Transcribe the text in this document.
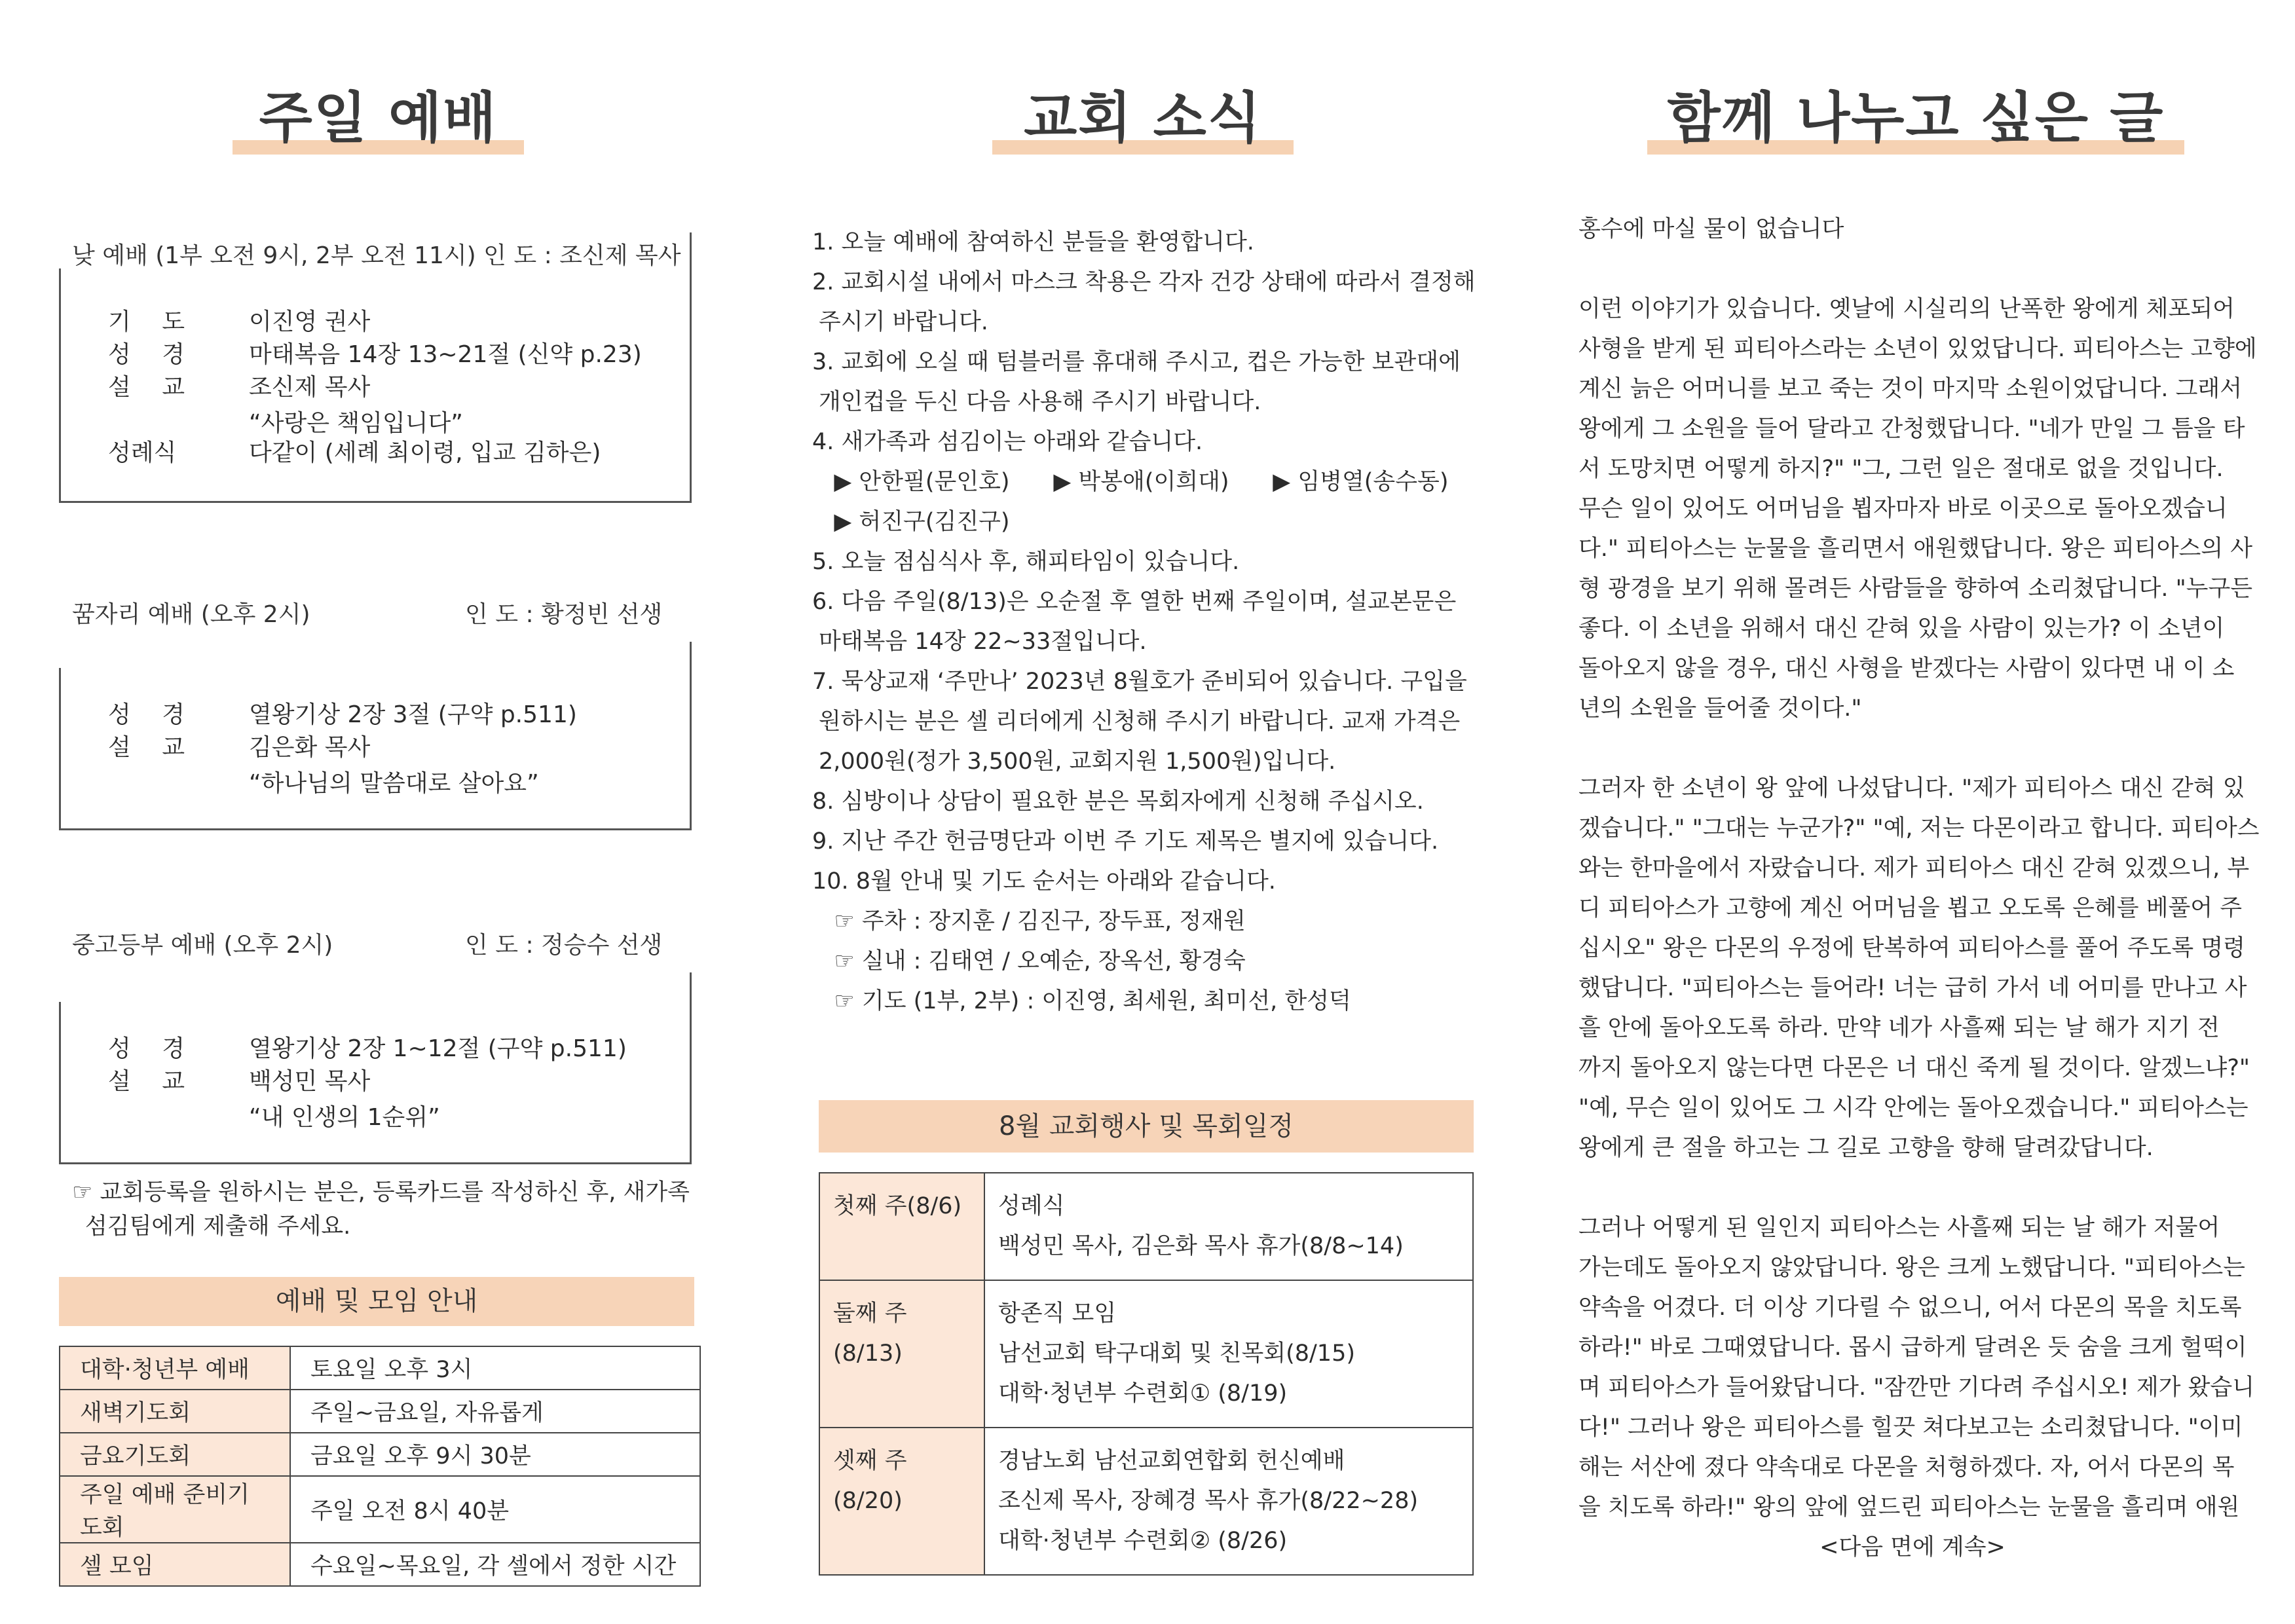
주일 예배
낮 예배 (1부 오전 9시, 2부 오전 11시) 인 도 : 조신제 목사
기 도 이진영 권사
성 경 마태복음 14장 13~21절 (신약 p.23)
설 교 조신제 목사
“사랑은 책임입니다”
성례식	다같이 (세례 최이령, 입교 김하은)
꿈자리 예배 (오후 2시)	인 도 : 황정빈 선생
성 경 열왕기상 2장 3절 (구약 p.511)
설 교 김은화 목사
“하나님의 말씀대로 살아요”
중고등부 예배 (오후 2시)	인 도 : 정승수 선생
성 경 열왕기상 2장 1~12절 (구약 p.511)
설 교 백성민 목사
“내 인생의 1순위”
☞ 교회등록을 원하시는 분은, 등록카드를 작성하신 후, 새가족
섬김팀에게 제출해 주세요.
예배 및 모임 안내
대학·청년부 예배	토요일 오후 3시
새벽기도회	주일~금요일, 자유롭게
금요기도회	금요일 오후 9시 30분
주일 예배 준비기도회	주일 오전 8시 40분
셀 모임	수요일~목요일, 각 셀에서 정한 시간
교회 소식
1. 오늘 예배에 참여하신 분들을 환영합니다.
2. 교회시설 내에서 마스크 착용은 각자 건강 상태에 따라서 결정해
주시기 바랍니다.
3. 교회에 오실 때 텀블러를 휴대해 주시고, 컵은 가능한 보관대에
개인컵을 두신 다음 사용해 주시기 바랍니다.
4. 새가족과 섬김이는 아래와 같습니다.
▶ 안한필(문인호)      ▶ 박봉애(이희대)      ▶ 임병열(송수동)
▶ 허진구(김진구)
5. 오늘 점심식사 후, 해피타임이 있습니다.
6. 다음 주일(8/13)은 오순절 후 열한 번째 주일이며, 설교본문은
마태복음 14장 22~33절입니다.
7. 묵상교재 ‘주만나’ 2023년 8월호가 준비되어 있습니다. 구입을
원하시는 분은 셀 리더에게 신청해 주시기 바랍니다. 교재 가격은
2,000원(정가 3,500원, 교회지원 1,500원)입니다.
8. 심방이나 상담이 필요한 분은 목회자에게 신청해 주십시오.
9. 지난 주간 헌금명단과 이번 주 기도 제목은 별지에 있습니다.
10. 8월 안내 및 기도 순서는 아래와 같습니다.
☞ 주차 : 장지훈 / 김진구, 장두표, 정재원
☞ 실내 : 김태연 / 오예순, 장옥선, 황경숙
☞ 기도 (1부, 2부) : 이진영, 최세원, 최미선, 한성덕
8월 교회행사 및 목회일정
첫째 주(8/6)	성례식
백성민 목사, 김은화 목사 휴가(8/8~14)

둘째 주(8/13)	항존직 모임
남선교회 탁구대회 및 친목회(8/15)
대학·청년부 수련회① (8/19)

셋째 주(8/20)	경남노회 남선교회연합회 헌신예배
조신제 목사, 장혜경 목사 휴가(8/22~28)
대학·청년부 수련회② (8/26)
함께 나누고 싶은 글
홍수에 마실 물이 없습니다
이런 이야기가 있습니다. 옛날에 시실리의 난폭한 왕에게 체포되어
사형을 받게 된 피티아스라는 소년이 있었답니다. 피티아스는 고향에
계신 늙은 어머니를 보고 죽는 것이 마지막 소원이었답니다. 그래서
왕에게 그 소원을 들어 달라고 간청했답니다. "네가 만일 그 틈을 타
서 도망치면 어떻게 하지?" "그, 그런 일은 절대로 없을 것입니다.
무슨 일이 있어도 어머님을 뵙자마자 바로 이곳으로 돌아오겠습니
다." 피티아스는 눈물을 흘리면서 애원했답니다. 왕은 피티아스의 사
형 광경을 보기 위해 몰려든 사람들을 향하여 소리쳤답니다. "누구든
좋다. 이 소년을 위해서 대신 갇혀 있을 사람이 있는가? 이 소년이
돌아오지 않을 경우, 대신 사형을 받겠다는 사람이 있다면 내 이 소
년의 소원을 들어줄 것이다."
그러자 한 소년이 왕 앞에 나섰답니다. "제가 피티아스 대신 갇혀 있
겠습니다." "그대는 누군가?" "예, 저는 다몬이라고 합니다. 피티아스
와는 한마을에서 자랐습니다. 제가 피티아스 대신 갇혀 있겠으니, 부
디 피티아스가 고향에 계신 어머님을 뵙고 오도록 은혜를 베풀어 주
십시오" 왕은 다몬의 우정에 탄복하여 피티아스를 풀어 주도록 명령
했답니다. "피티아스는 들어라! 너는 급히 가서 네 어미를 만나고 사
흘 안에 돌아오도록 하라. 만약 네가 사흘째 되는 날 해가 지기 전
까지 돌아오지 않는다면 다몬은 너 대신 죽게 될 것이다. 알겠느냐?"
"예, 무슨 일이 있어도 그 시각 안에는 돌아오겠습니다." 피티아스는
왕에게 큰 절을 하고는 그 길로 고향을 향해 달려갔답니다.
그러나 어떻게 된 일인지 피티아스는 사흘째 되는 날 해가 저물어
가는데도 돌아오지 않았답니다. 왕은 크게 노했답니다. "피티아스는
약속을 어겼다. 더 이상 기다릴 수 없으니, 어서 다몬의 목을 치도록
하라!" 바로 그때였답니다. 몹시 급하게 달려온 듯 숨을 크게 헐떡이
며 피티아스가 들어왔답니다. "잠깐만 기다려 주십시오! 제가 왔습니
다!" 그러나 왕은 피티아스를 힐끗 쳐다보고는 소리쳤답니다. "이미
해는 서산에 졌다 약속대로 다몬을 처형하겠다. 자, 어서 다몬의 목
을 치도록 하라!" 왕의 앞에 엎드린 피티아스는 눈물을 흘리며 애원
<다음 면에 계속>
